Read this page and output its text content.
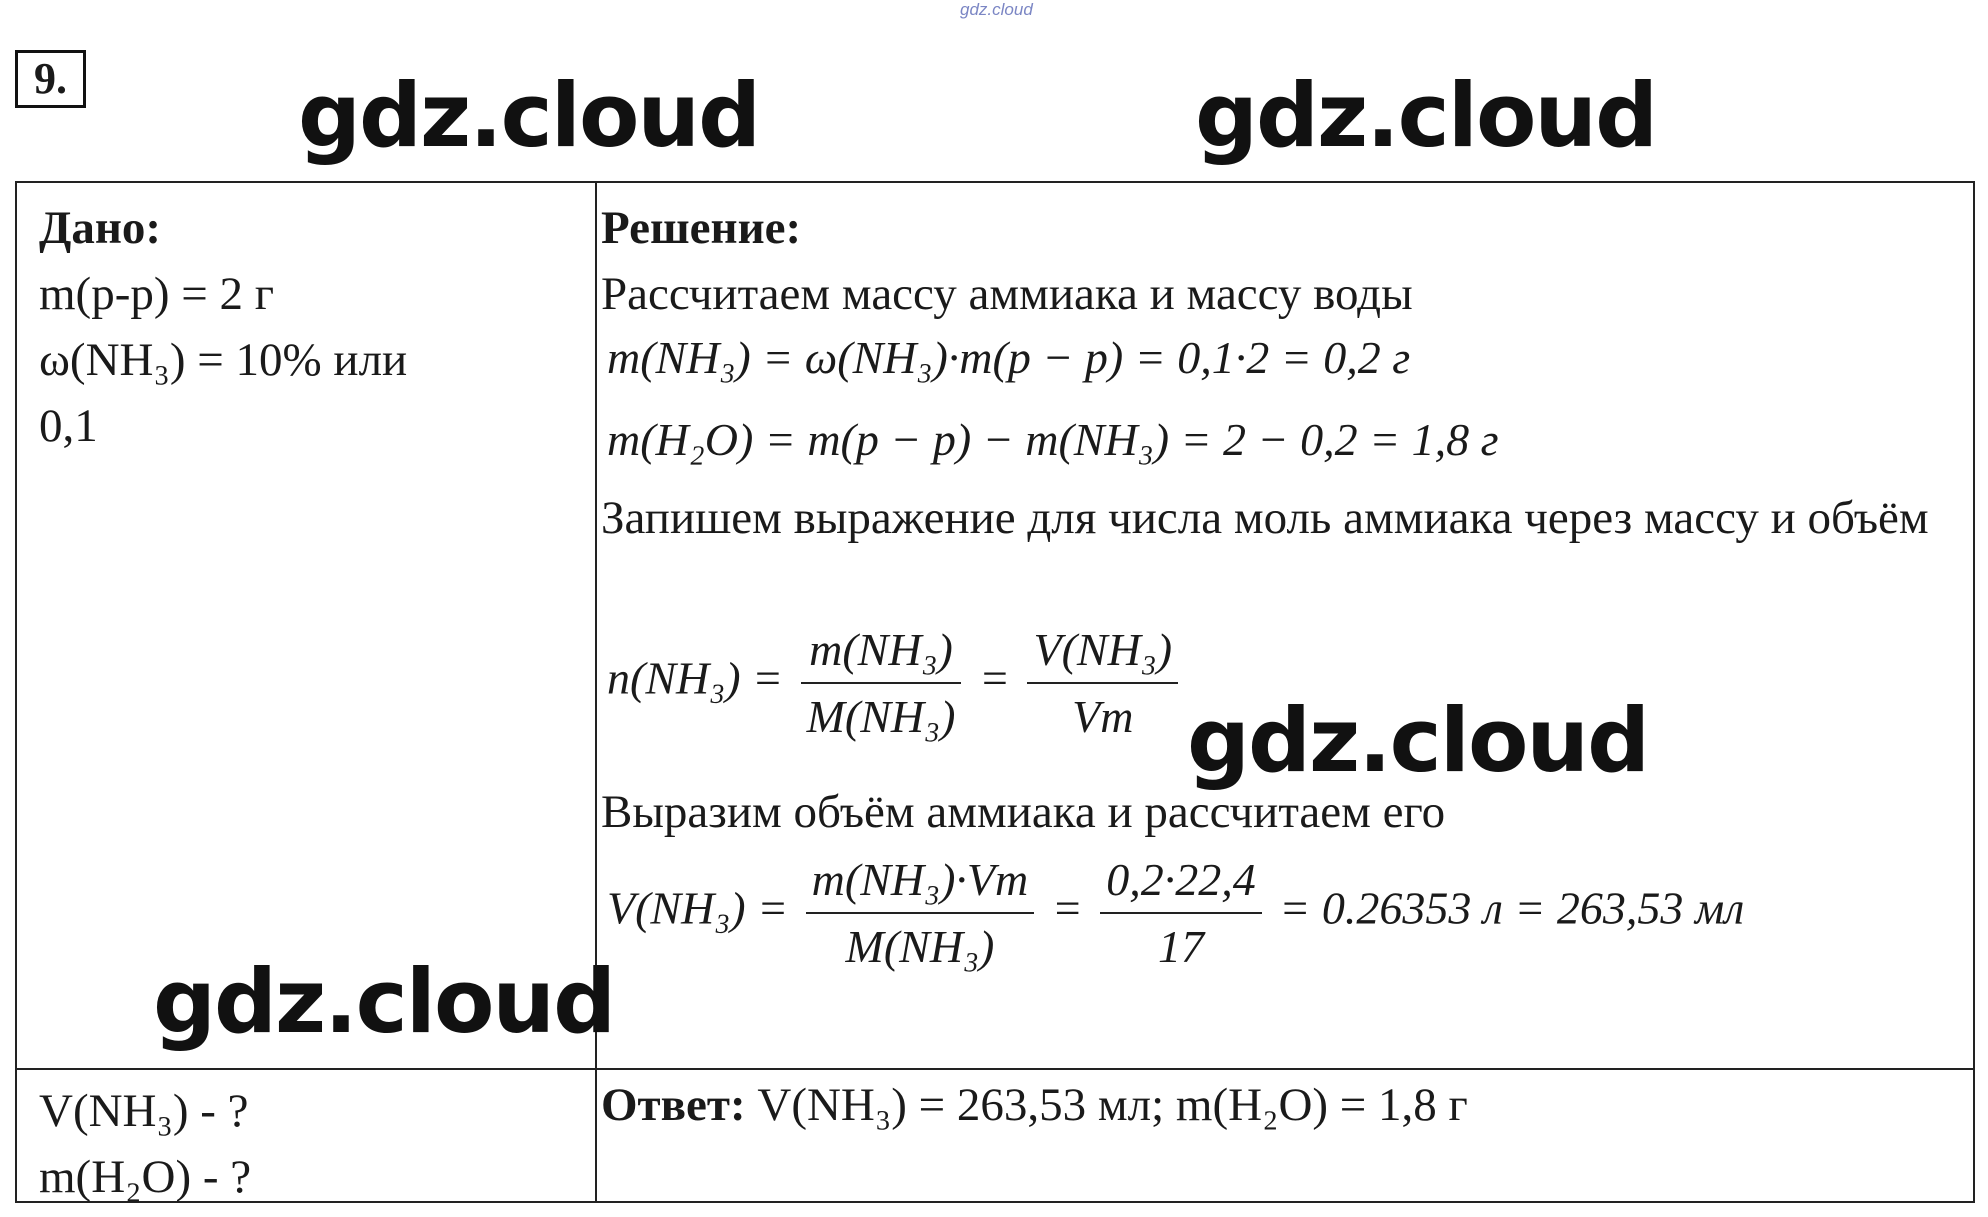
gdz.cloud
9.	gdz.cloud	gdz.cloud
gdz.cloud
gdz.cloud
Дано:
m(р-р) = 2 г
ω(NH₃) = 10% или
0,1
Решение:
Рассчитаем массу аммиака и массу воды
m(NH₃) = ω(NH₃)·m(p − p) = 0,1·2 = 0,2 г
m(H₂O) = m(p − p) − m(NH₃) = 2 − 0,2 = 1,8 г
Запишем выражение для числа моль аммиака через массу и объём
$n(NH_3) = \frac{\text{m(NH₃)}}{\text{M(NH₃)}} = \frac{\text{V(NH₃)}}{Vm}$
Выразим объём аммиака и рассчитаем его
$V(NH_3) = \frac{\text{m(NH₃)·Vm}}{\text{M(NH₃)}} = \frac{0,2\cdot 22,4}{17} = 0.26353$ л = 263,53 мл
V(NH₃) - ?
m(H₂O) - ?
Ответ: V(NH₃) = 263,53 мл; m(H₂O) = 1,8 г
